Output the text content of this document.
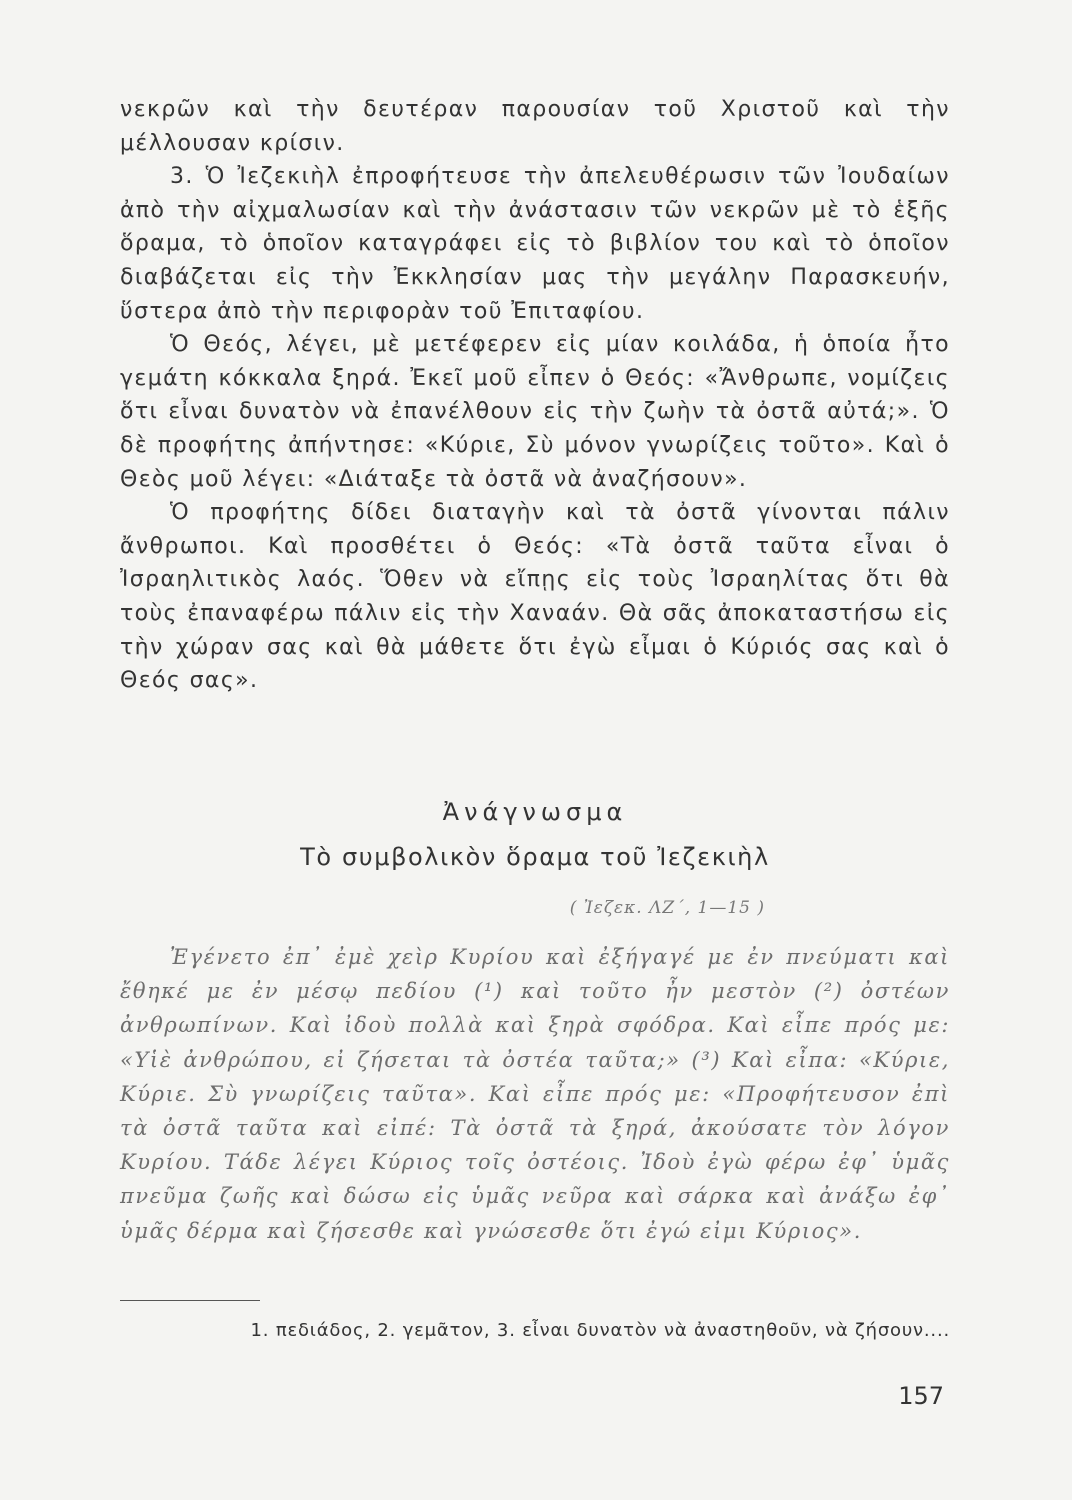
νεκρῶν καὶ τὴν δευτέραν παρουσίαν τοῦ Χριστοῦ καὶ τὴν μέλλουσαν κρίσιν.

3. Ὁ Ἰεζεκιὴλ ἐπροφήτευσε τὴν ἀπελευθέρωσιν τῶν Ἰουδαίων ἀπὸ τὴν αἰχμαλωσίαν καὶ τὴν ἀνάστασιν τῶν νεκρῶν μὲ τὸ ἑξῆς ὅραμα, τὸ ὁποῖον καταγράφει εἰς τὸ βιβλίον του καὶ τὸ ὁποῖον διαβάζεται εἰς τὴν Ἐκκλησίαν μας τὴν μεγάλην Παρασκευήν, ὕστερα ἀπὸ τὴν περιφορὰν τοῦ Ἐπιταφίου.

Ὁ Θεός, λέγει, μὲ μετέφερεν εἰς μίαν κοιλάδα, ἡ ὁποία ἦτο γεμάτη κόκκαλα ξηρά. Ἐκεῖ μοῦ εἶπεν ὁ Θεός: «Ἄνθρωπε, νομίζεις ὅτι εἶναι δυνατὸν νὰ ἐπανέλθουν εἰς τὴν ζωὴν τὰ ὀστᾶ αὐτά;». Ὁ δὲ προφήτης ἀπήντησε: «Κύριε, Σὺ μόνον γνωρίζεις τοῦτο». Καὶ ὁ Θεὸς μοῦ λέγει: «Διάταξε τὰ ὀστᾶ νὰ ἀναζήσουν».

Ὁ προφήτης δίδει διαταγὴν καὶ τὰ ὀστᾶ γίνονται πάλιν ἄνθρωποι. Καὶ προσθέτει ὁ Θεός: «Τὰ ὀστᾶ ταῦτα εἶναι ὁ Ἰσραηλιτικὸς λαός. Ὅθεν νὰ εἴπῃς εἰς τοὺς Ἰσραηλίτας ὅτι θὰ τοὺς ἐπαναφέρω πάλιν εἰς τὴν Χαναάν. Θὰ σᾶς ἀποκαταστήσω εἰς τὴν χώραν σας καὶ θὰ μάθετε ὅτι ἐγὼ εἶμαι ὁ Κύριός σας καὶ ὁ Θεός σας».

Ἀνάγνωσμα
Τὸ συμβολικὸν ὅραμα τοῦ Ἰεζεκιὴλ
( Ἰεζεκ. ΛΖ΄, 1—15 )

Ἐγένετο ἐπ᾿ ἐμὲ χεὶρ Κυρίου καὶ ἐξήγαγέ με ἐν πνεύματι καὶ ἔθηκέ με ἐν μέσῳ πεδίου (¹) καὶ τοῦτο ἦν μεστὸν (²) ὀστέων ἀνθρωπίνων. Καὶ ἰδοὺ πολλὰ καὶ ξηρὰ σφόδρα. Καὶ εἶπε πρός με: «Υἱὲ ἀνθρώπου, εἰ ζήσεται τὰ ὀστέα ταῦτα;» (³) Καὶ εἶπα: «Κύριε, Κύριε. Σὺ γνωρίζεις ταῦτα». Καὶ εἶπε πρός με: «Προφήτευσον ἐπὶ τὰ ὀστᾶ ταῦτα καὶ εἰπέ: Τὰ ὀστᾶ τὰ ξηρά, ἀκούσατε τὸν λόγον Κυρίου. Τάδε λέγει Κύριος τοῖς ὀστέοις. Ἰδοὺ ἐγὼ φέρω ἐφ᾿ ὑμᾶς πνεῦμα ζωῆς καὶ δώσω εἰς ὑμᾶς νεῦρα καὶ σάρκα καὶ ἀνάξω ἐφ᾿ ὑμᾶς δέρμα καὶ ζήσεσθε καὶ γνώσεσθε ὅτι ἐγώ εἰμι Κύριος».

1. πεδιάδος, 2. γεμᾶτον, 3. εἶναι δυνατὸν νὰ ἀναστηθοῦν, νὰ ζήσουν....
157
